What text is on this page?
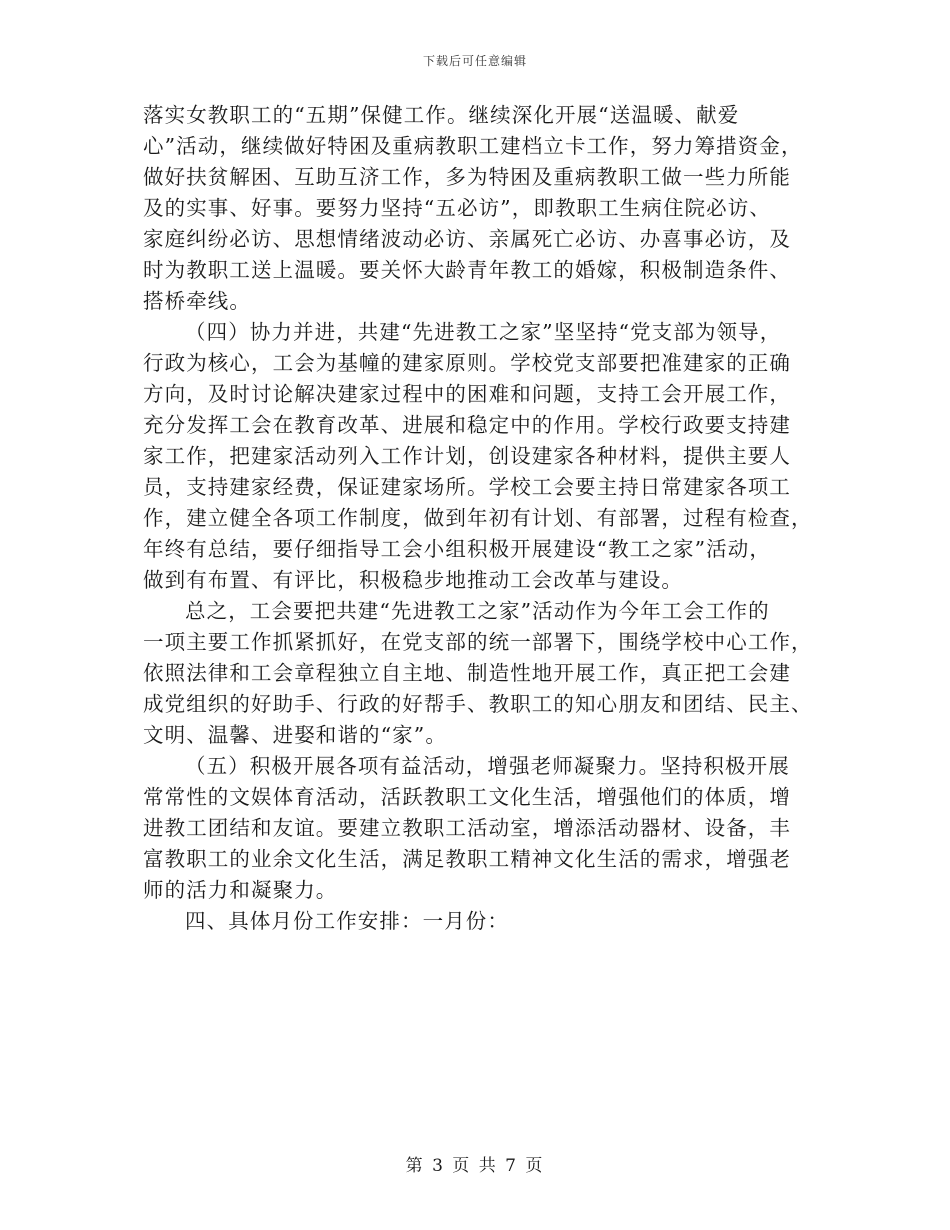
下载后可任意编辑
落实女教职工的“五期”保健工作。继续深化开展“送温暖、献爱
心”活动，继续做好特困及重病教职工建档立卡工作，努力筹措资金，
做好扶贫解困、互助互济工作，多为特困及重病教职工做一些力所能
及的实事、好事。要努力坚持“五必访”，即教职工生病住院必访、
家庭纠纷必访、思想情绪波动必访、亲属死亡必访、办喜事必访，及
时为教职工送上温暖。要关怀大龄青年教工的婚嫁，积极制造条件、
搭桥牵线。
（四）协力并进，共建“先进教工之家”坚坚持“党支部为领导，
行政为核心，工会为基幢的建家原则。学校党支部要把准建家的正确
方向，及时讨论解决建家过程中的困难和问题，支持工会开展工作，
充分发挥工会在教育改革、进展和稳定中的作用。学校行政要支持建
家工作，把建家活动列入工作计划，创设建家各种材料，提供主要人
员，支持建家经费，保证建家场所。学校工会要主持日常建家各项工
作，建立健全各项工作制度，做到年初有计划、有部署，过程有检查，
年终有总结，要仔细指导工会小组积极开展建设“教工之家”活动，
做到有布置、有评比，积极稳步地推动工会改革与建设。
总之，工会要把共建“先进教工之家”活动作为今年工会工作的
一项主要工作抓紧抓好，在党支部的统一部署下，围绕学校中心工作，
依照法律和工会章程独立自主地、制造性地开展工作，真正把工会建
成党组织的好助手、行政的好帮手、教职工的知心朋友和团结、民主、
文明、温馨、进娶和谐的“家”。
（五）积极开展各项有益活动，增强老师凝聚力。坚持积极开展
常常性的文娱体育活动，活跃教职工文化生活，增强他们的体质，增
进教工团结和友谊。要建立教职工活动室，增添活动器材、设备，丰
富教职工的业余文化生活，满足教职工精神文化生活的需求，增强老
师的活力和凝聚力。
四、具体月份工作安排：一月份：
第 3 页 共 7 页
